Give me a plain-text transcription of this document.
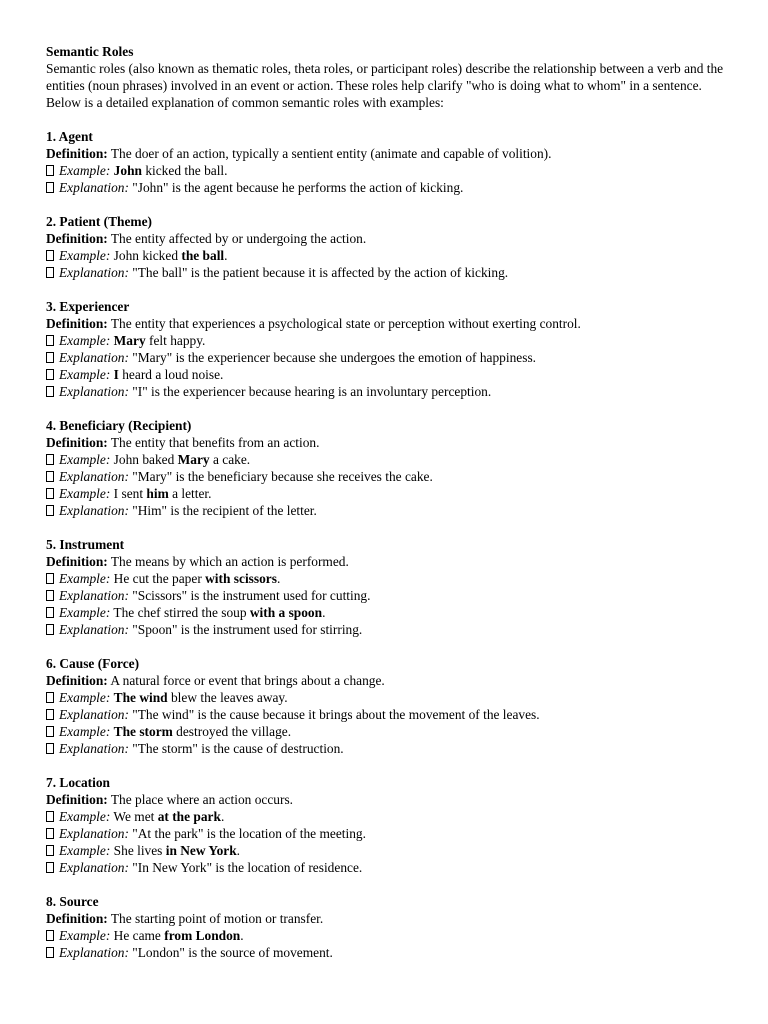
Semantic Roles
Semantic roles (also known as thematic roles, theta roles, or participant roles) describe the relationship between a verb and the entities (noun phrases) involved in an event or action. These roles help clarify "who is doing what to whom" in a sentence. Below is a detailed explanation of common semantic roles with examples:
1. Agent
Definition: The doer of an action, typically a sentient entity (animate and capable of volition).
Example: John kicked the ball.
Explanation: "John" is the agent because he performs the action of kicking.
2. Patient (Theme)
Definition: The entity affected by or undergoing the action.
Example: John kicked the ball.
Explanation: "The ball" is the patient because it is affected by the action of kicking.
3. Experiencer
Definition: The entity that experiences a psychological state or perception without exerting control.
Example: Mary felt happy.
Explanation: "Mary" is the experiencer because she undergoes the emotion of happiness.
Example: I heard a loud noise.
Explanation: "I" is the experiencer because hearing is an involuntary perception.
4. Beneficiary (Recipient)
Definition: The entity that benefits from an action.
Example: John baked Mary a cake.
Explanation: "Mary" is the beneficiary because she receives the cake.
Example: I sent him a letter.
Explanation: "Him" is the recipient of the letter.
5. Instrument
Definition: The means by which an action is performed.
Example: He cut the paper with scissors.
Explanation: "Scissors" is the instrument used for cutting.
Example: The chef stirred the soup with a spoon.
Explanation: "Spoon" is the instrument used for stirring.
6. Cause (Force)
Definition: A natural force or event that brings about a change.
Example: The wind blew the leaves away.
Explanation: "The wind" is the cause because it brings about the movement of the leaves.
Example: The storm destroyed the village.
Explanation: "The storm" is the cause of destruction.
7. Location
Definition: The place where an action occurs.
Example: We met at the park.
Explanation: "At the park" is the location of the meeting.
Example: She lives in New York.
Explanation: "In New York" is the location of residence.
8. Source
Definition: The starting point of motion or transfer.
Example: He came from London.
Explanation: "London" is the source of movement.
